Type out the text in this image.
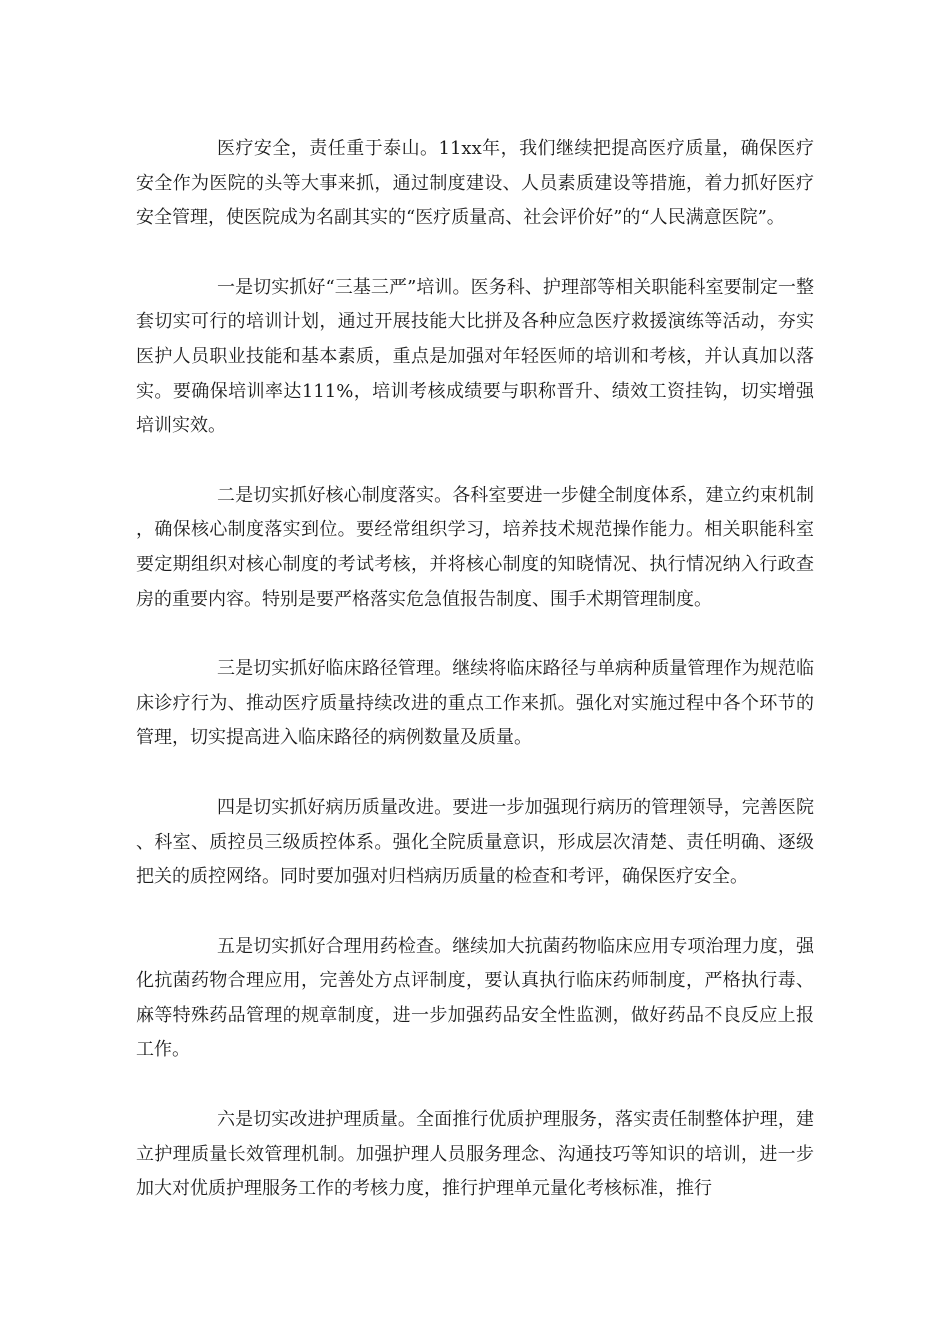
医疗安全，责任重于泰山。11xx年，我们继续把提高医疗质量，确保医疗安全作为医院的头等大事来抓，通过制度建设、人员素质建设等措施，着力抓好医疗安全管理，使医院成为名副其实的“医疗质量高、社会评价好”的“人民满意医院”。

一是切实抓好“三基三严”培训。医务科、护理部等相关职能科室要制定一整套切实可行的培训计划，通过开展技能大比拼及各种应急医疗救援演练等活动，夯实医护人员职业技能和基本素质，重点是加强对年轻医师的培训和考核，并认真加以落实。要确保培训率达111%，培训考核成绩要与职称晋升、绩效工资挂钩，切实增强培训实效。

二是切实抓好核心制度落实。各科室要进一步健全制度体系，建立约束机制，确保核心制度落实到位。要经常组织学习，培养技术规范操作能力。相关职能科室要定期组织对核心制度的考试考核，并将核心制度的知晓情况、执行情况纳入行政查房的重要内容。特别是要严格落实危急值报告制度、围手术期管理制度。

三是切实抓好临床路径管理。继续将临床路径与单病种质量管理作为规范临床诊疗行为、推动医疗质量持续改进的重点工作来抓。强化对实施过程中各个环节的管理，切实提高进入临床路径的病例数量及质量。

四是切实抓好病历质量改进。要进一步加强现行病历的管理领导，完善医院、科室、质控员三级质控体系。强化全院质量意识，形成层次清楚、责任明确、逐级把关的质控网络。同时要加强对归档病历质量的检查和考评，确保医疗安全。

五是切实抓好合理用药检查。继续加大抗菌药物临床应用专项治理力度，强化抗菌药物合理应用，完善处方点评制度，要认真执行临床药师制度，严格执行毒、麻等特殊药品管理的规章制度，进一步加强药品安全性监测，做好药品不良反应上报工作。

六是切实改进护理质量。全面推行优质护理服务，落实责任制整体护理，建立护理质量长效管理机制。加强护理人员服务理念、沟通技巧等知识的培训，进一步加大对优质护理服务工作的考核力度，推行护理单元量化考核标准，推行
